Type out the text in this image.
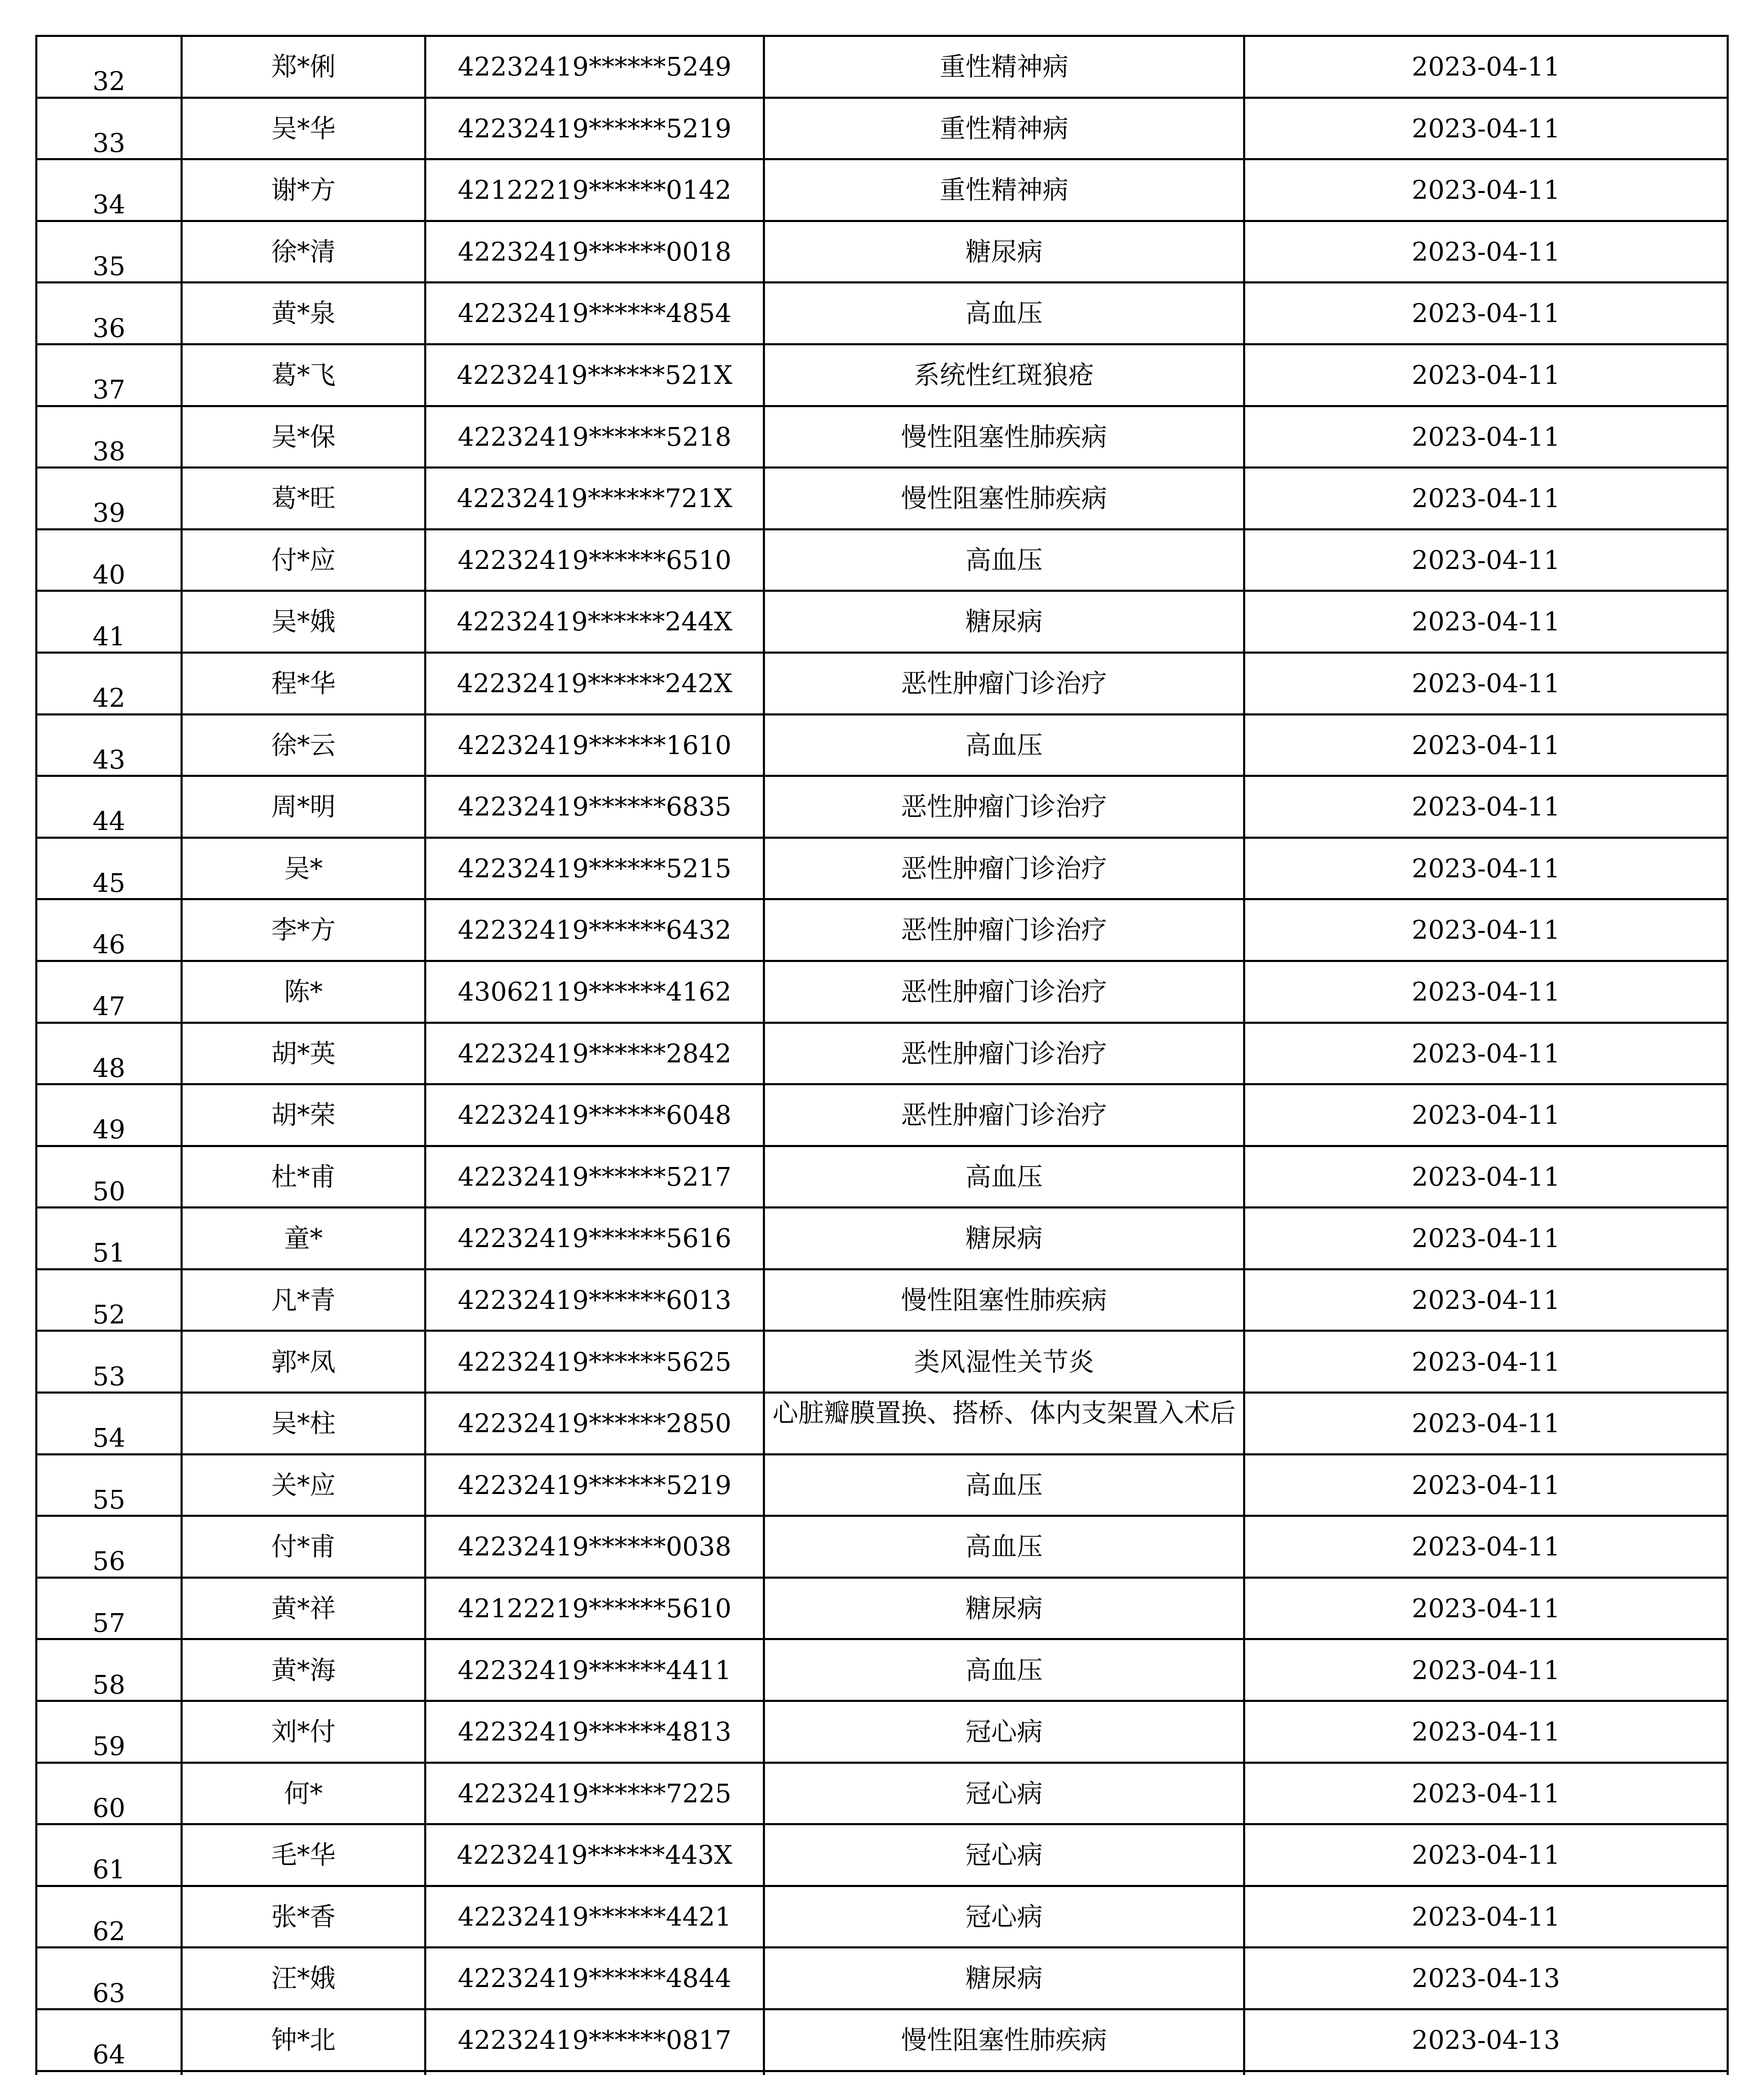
32	郑*俐	42232419******5249	重性精神病	2023-04-11
33	吴*华	42232419******5219	重性精神病	2023-04-11
34	谢*方	42122219******0142	重性精神病	2023-04-11
35	徐*清	42232419******0018	糖尿病	2023-04-11
36	黄*泉	42232419******4854	高血压	2023-04-11
37	葛*飞	42232419******521X	系统性红斑狼疮	2023-04-11
38	吴*保	42232419******5218	慢性阻塞性肺疾病	2023-04-11
39	葛*旺	42232419******721X	慢性阻塞性肺疾病	2023-04-11
40	付*应	42232419******6510	高血压	2023-04-11
41	吴*娥	42232419******244X	糖尿病	2023-04-11
42	程*华	42232419******242X	恶性肿瘤门诊治疗	2023-04-11
43	徐*云	42232419******1610	高血压	2023-04-11
44	周*明	42232419******6835	恶性肿瘤门诊治疗	2023-04-11
45	吴*	42232419******5215	恶性肿瘤门诊治疗	2023-04-11
46	李*方	42232419******6432	恶性肿瘤门诊治疗	2023-04-11
47	陈*	43062119******4162	恶性肿瘤门诊治疗	2023-04-11
48	胡*英	42232419******2842	恶性肿瘤门诊治疗	2023-04-11
49	胡*荣	42232419******6048	恶性肿瘤门诊治疗	2023-04-11
50	杜*甫	42232419******5217	高血压	2023-04-11
51	童*	42232419******5616	糖尿病	2023-04-11
52	凡*青	42232419******6013	慢性阻塞性肺疾病	2023-04-11
53	郭*凤	42232419******5625	类风湿性关节炎	2023-04-11
54	吴*柱	42232419******2850	心脏瓣膜置换、搭桥、体内支架置入术后	2023-04-11
55	关*应	42232419******5219	高血压	2023-04-11
56	付*甫	42232419******0038	高血压	2023-04-11
57	黄*祥	42122219******5610	糖尿病	2023-04-11
58	黄*海	42232419******4411	高血压	2023-04-11
59	刘*付	42232419******4813	冠心病	2023-04-11
60	何*	42232419******7225	冠心病	2023-04-11
61	毛*华	42232419******443X	冠心病	2023-04-11
62	张*香	42232419******4421	冠心病	2023-04-11
63	汪*娥	42232419******4844	糖尿病	2023-04-13
64	钟*北	42232419******0817	慢性阻塞性肺疾病	2023-04-13
